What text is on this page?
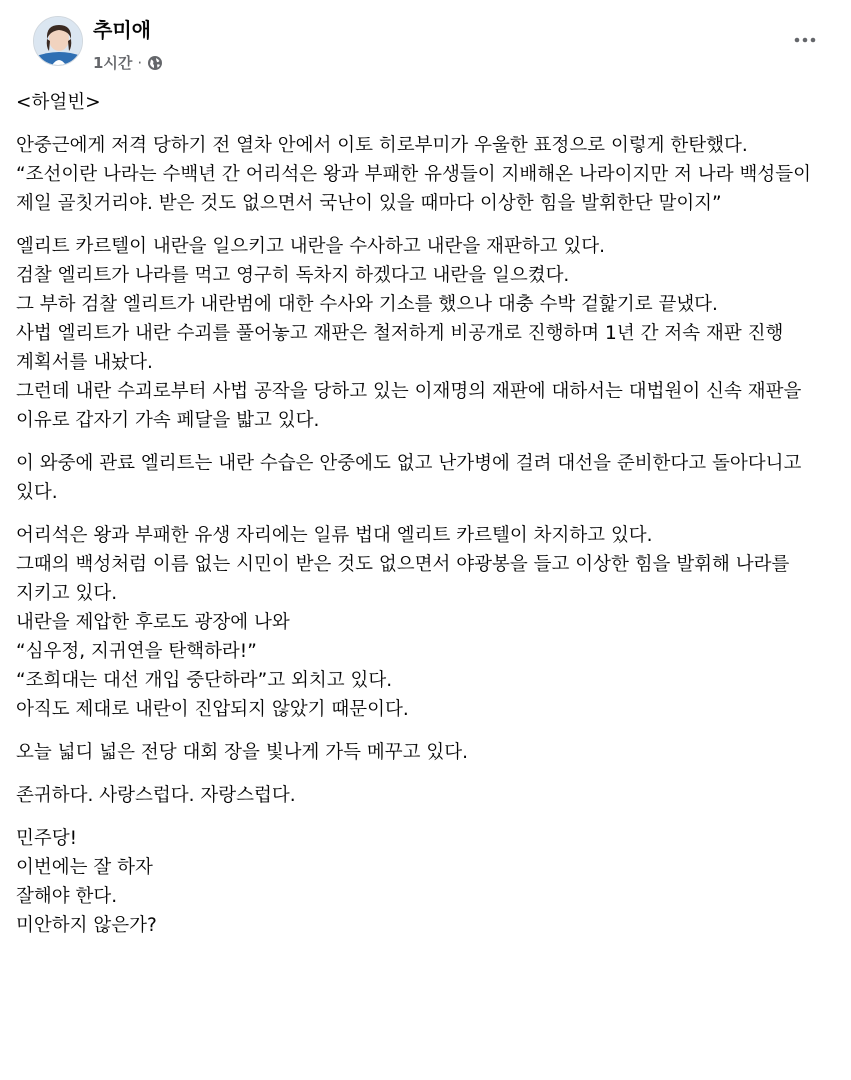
추미애
1시간 ·
<하얼빈>
안중근에게 저격 당하기 전 열차 안에서 이토 히로부미가 우울한 표정으로 이렇게 한탄했다.
“조선이란 나라는 수백년 간 어리석은 왕과 부패한 유생들이 지배해온 나라이지만 저 나라 백성들이 제일 골칫거리야. 받은 것도 없으면서 국난이 있을 때마다 이상한 힘을 발휘한단 말이지”
엘리트 카르텔이 내란을 일으키고 내란을 수사하고 내란을 재판하고 있다.
검찰 엘리트가 나라를 먹고 영구히 독차지 하겠다고 내란을 일으켰다.
그 부하 검찰 엘리트가 내란범에 대한 수사와 기소를 했으나 대충 수박 겉핥기로 끝냈다.
사법 엘리트가 내란 수괴를 풀어놓고 재판은 철저하게 비공개로 진행하며 1년 간 저속 재판 진행 계획서를 내놨다.
그런데 내란 수괴로부터 사법 공작을 당하고 있는 이재명의 재판에 대하서는 대법원이 신속 재판을 이유로 갑자기 가속 페달을 밟고 있다.
이 와중에 관료 엘리트는 내란 수습은 안중에도 없고 난가병에 걸려 대선을 준비한다고 돌아다니고 있다.
어리석은 왕과 부패한 유생 자리에는 일류 법대 엘리트 카르텔이 차지하고 있다.
그때의 백성처럼 이름 없는 시민이 받은 것도 없으면서 야광봉을 들고 이상한 힘을 발휘해 나라를 지키고 있다.
내란을 제압한 후로도 광장에 나와
“심우정, 지귀연을 탄핵하라!”
“조희대는 대선 개입 중단하라”고 외치고 있다.
아직도 제대로 내란이 진압되지 않았기 때문이다.
오늘 넓디 넓은 전당 대회 장을 빛나게 가득 메꾸고 있다.
존귀하다. 사랑스럽다. 자랑스럽다.
민주당!
이번에는 잘 하자
잘해야 한다.
미안하지 않은가?
